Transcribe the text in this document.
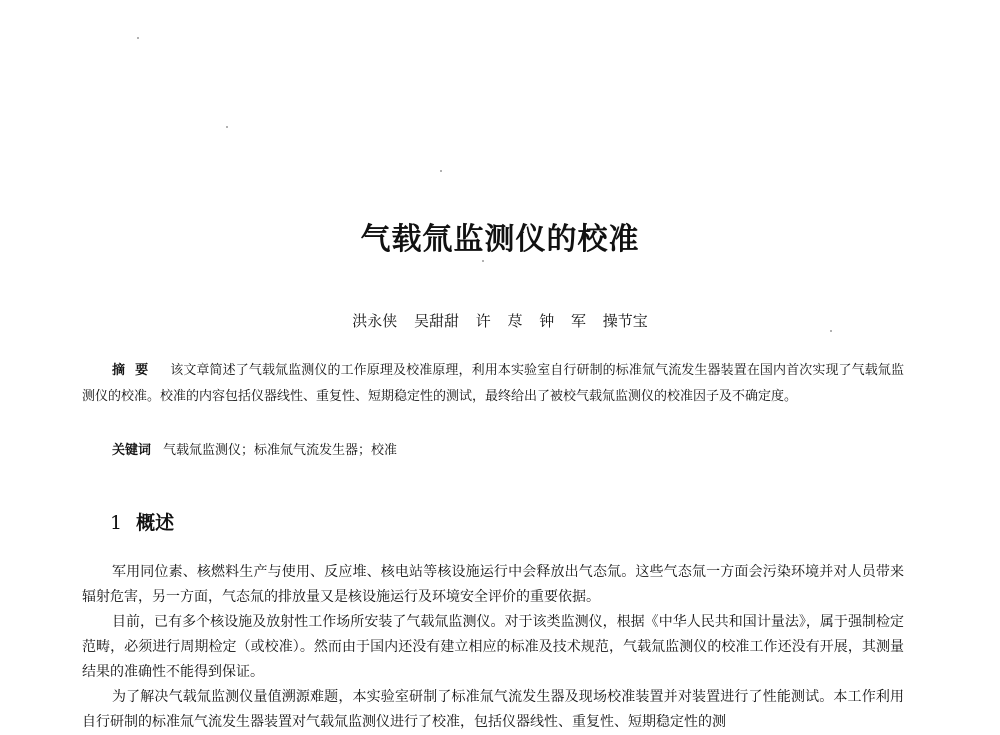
气载氚监测仪的校准
洪永侠 吴甜甜 许 荩 钟 军 操节宝
摘要 该文章简述了气载氚监测仪的工作原理及校准原理，利用本实验室自行研制的标准氚气流发生器装置在国内首次实现了气载氚监测仪的校准。校准的内容包括仪器线性、重复性、短期稳定性的测试，最终给出了被校气载氚监测仪的校准因子及不确定度。
关键词 气载氚监测仪；标准氚气流发生器；校准
1 概述

军用同位素、核燃料生产与使用、反应堆、核电站等核设施运行中会释放出气态氚。这些气态氚一方面会污染环境并对人员带来辐射危害，另一方面，气态氚的排放量又是核设施运行及环境安全评价的重要依据。

目前，已有多个核设施及放射性工作场所安装了气载氚监测仪。对于该类监测仪，根据《中华人民共和国计量法》，属于强制检定范畴，必须进行周期检定（或校准）。然而由于国内还没有建立相应的标准及技术规范，气载氚监测仪的校准工作还没有开展，其测量结果的准确性不能得到保证。

为了解决气载氚监测仪量值溯源难题，本实验室研制了标准氚气流发生器及现场校准装置并对装置进行了性能测试。本工作利用自行研制的标准氚气流发生器装置对气载氚监测仪进行了校准，包括仪器线性、重复性、短期稳定性的测
